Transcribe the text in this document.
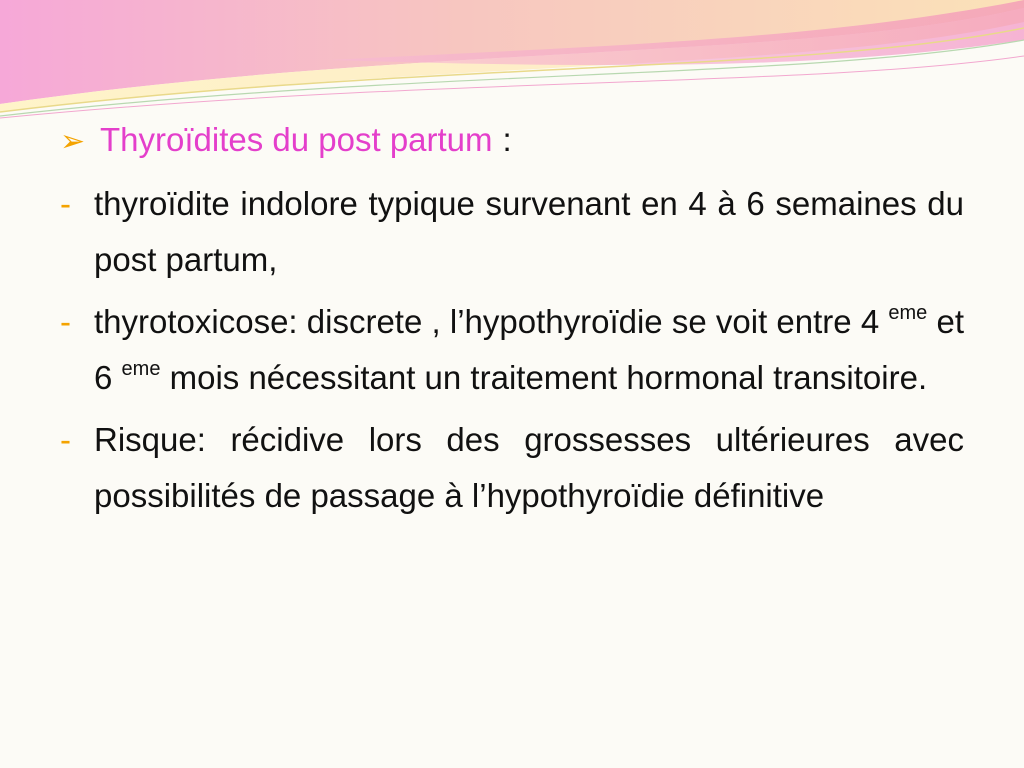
➢ Thyroïdites du post partum :
- thyroïdite indolore typique survenant en 4 à 6 semaines du post partum,
- thyrotoxicose: discrete , l’hypothyroïdie se voit entre 4 $^{eme}$ et 6 $^{eme}$ mois nécessitant un traitement hormonal transitoire.
- Risque: récidive lors des grossesses ultérieures avec possibilités de passage à l’hypothyroïdie définitive
